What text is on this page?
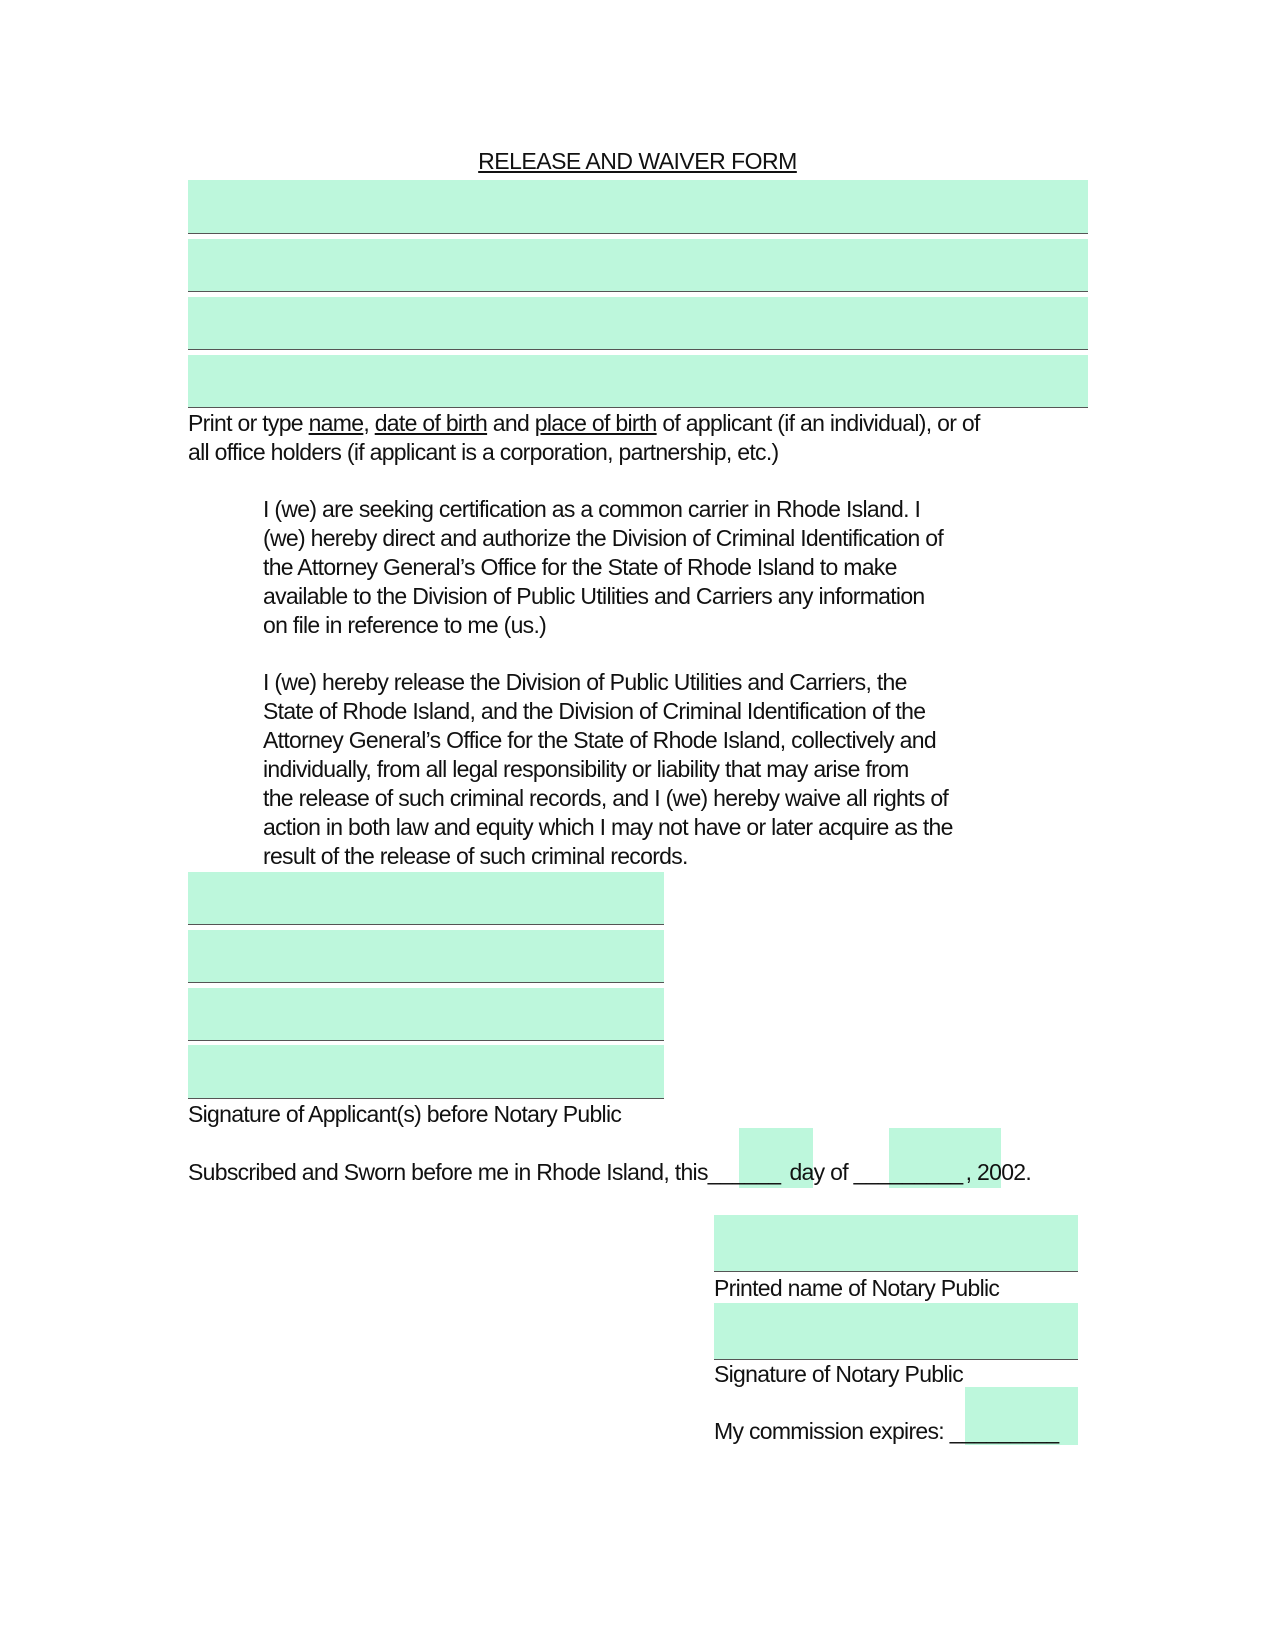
RELEASE AND WAIVER FORM
Print or type name, date of birth and place of birth of applicant (if an individual), or of
all office holders (if applicant is a corporation, partnership, etc.)
I (we) are seeking certification as a common carrier in Rhode Island. I
(we) hereby direct and authorize the Division of Criminal Identification of
the Attorney General’s Office for the State of Rhode Island to make
available to the Division of Public Utilities and Carriers any information
on file in reference to me (us.)
I (we) hereby release the Division of Public Utilities and Carriers, the
State of Rhode Island, and the Division of Criminal Identification of the
Attorney General’s Office for the State of Rhode Island, collectively and
individually, from all legal responsibility or liability that may arise from
the release of such criminal records, and I (we) hereby waive all rights of
action in both law and equity which I may not have or later acquire as the
result of the release of such criminal records.
Signature of Applicant(s) before Notary Public
Subscribed and Sworn before me in Rhode Island, this______ day of _________ , 2002.
Printed name of Notary Public
Signature of Notary Public
My commission expires: _________
